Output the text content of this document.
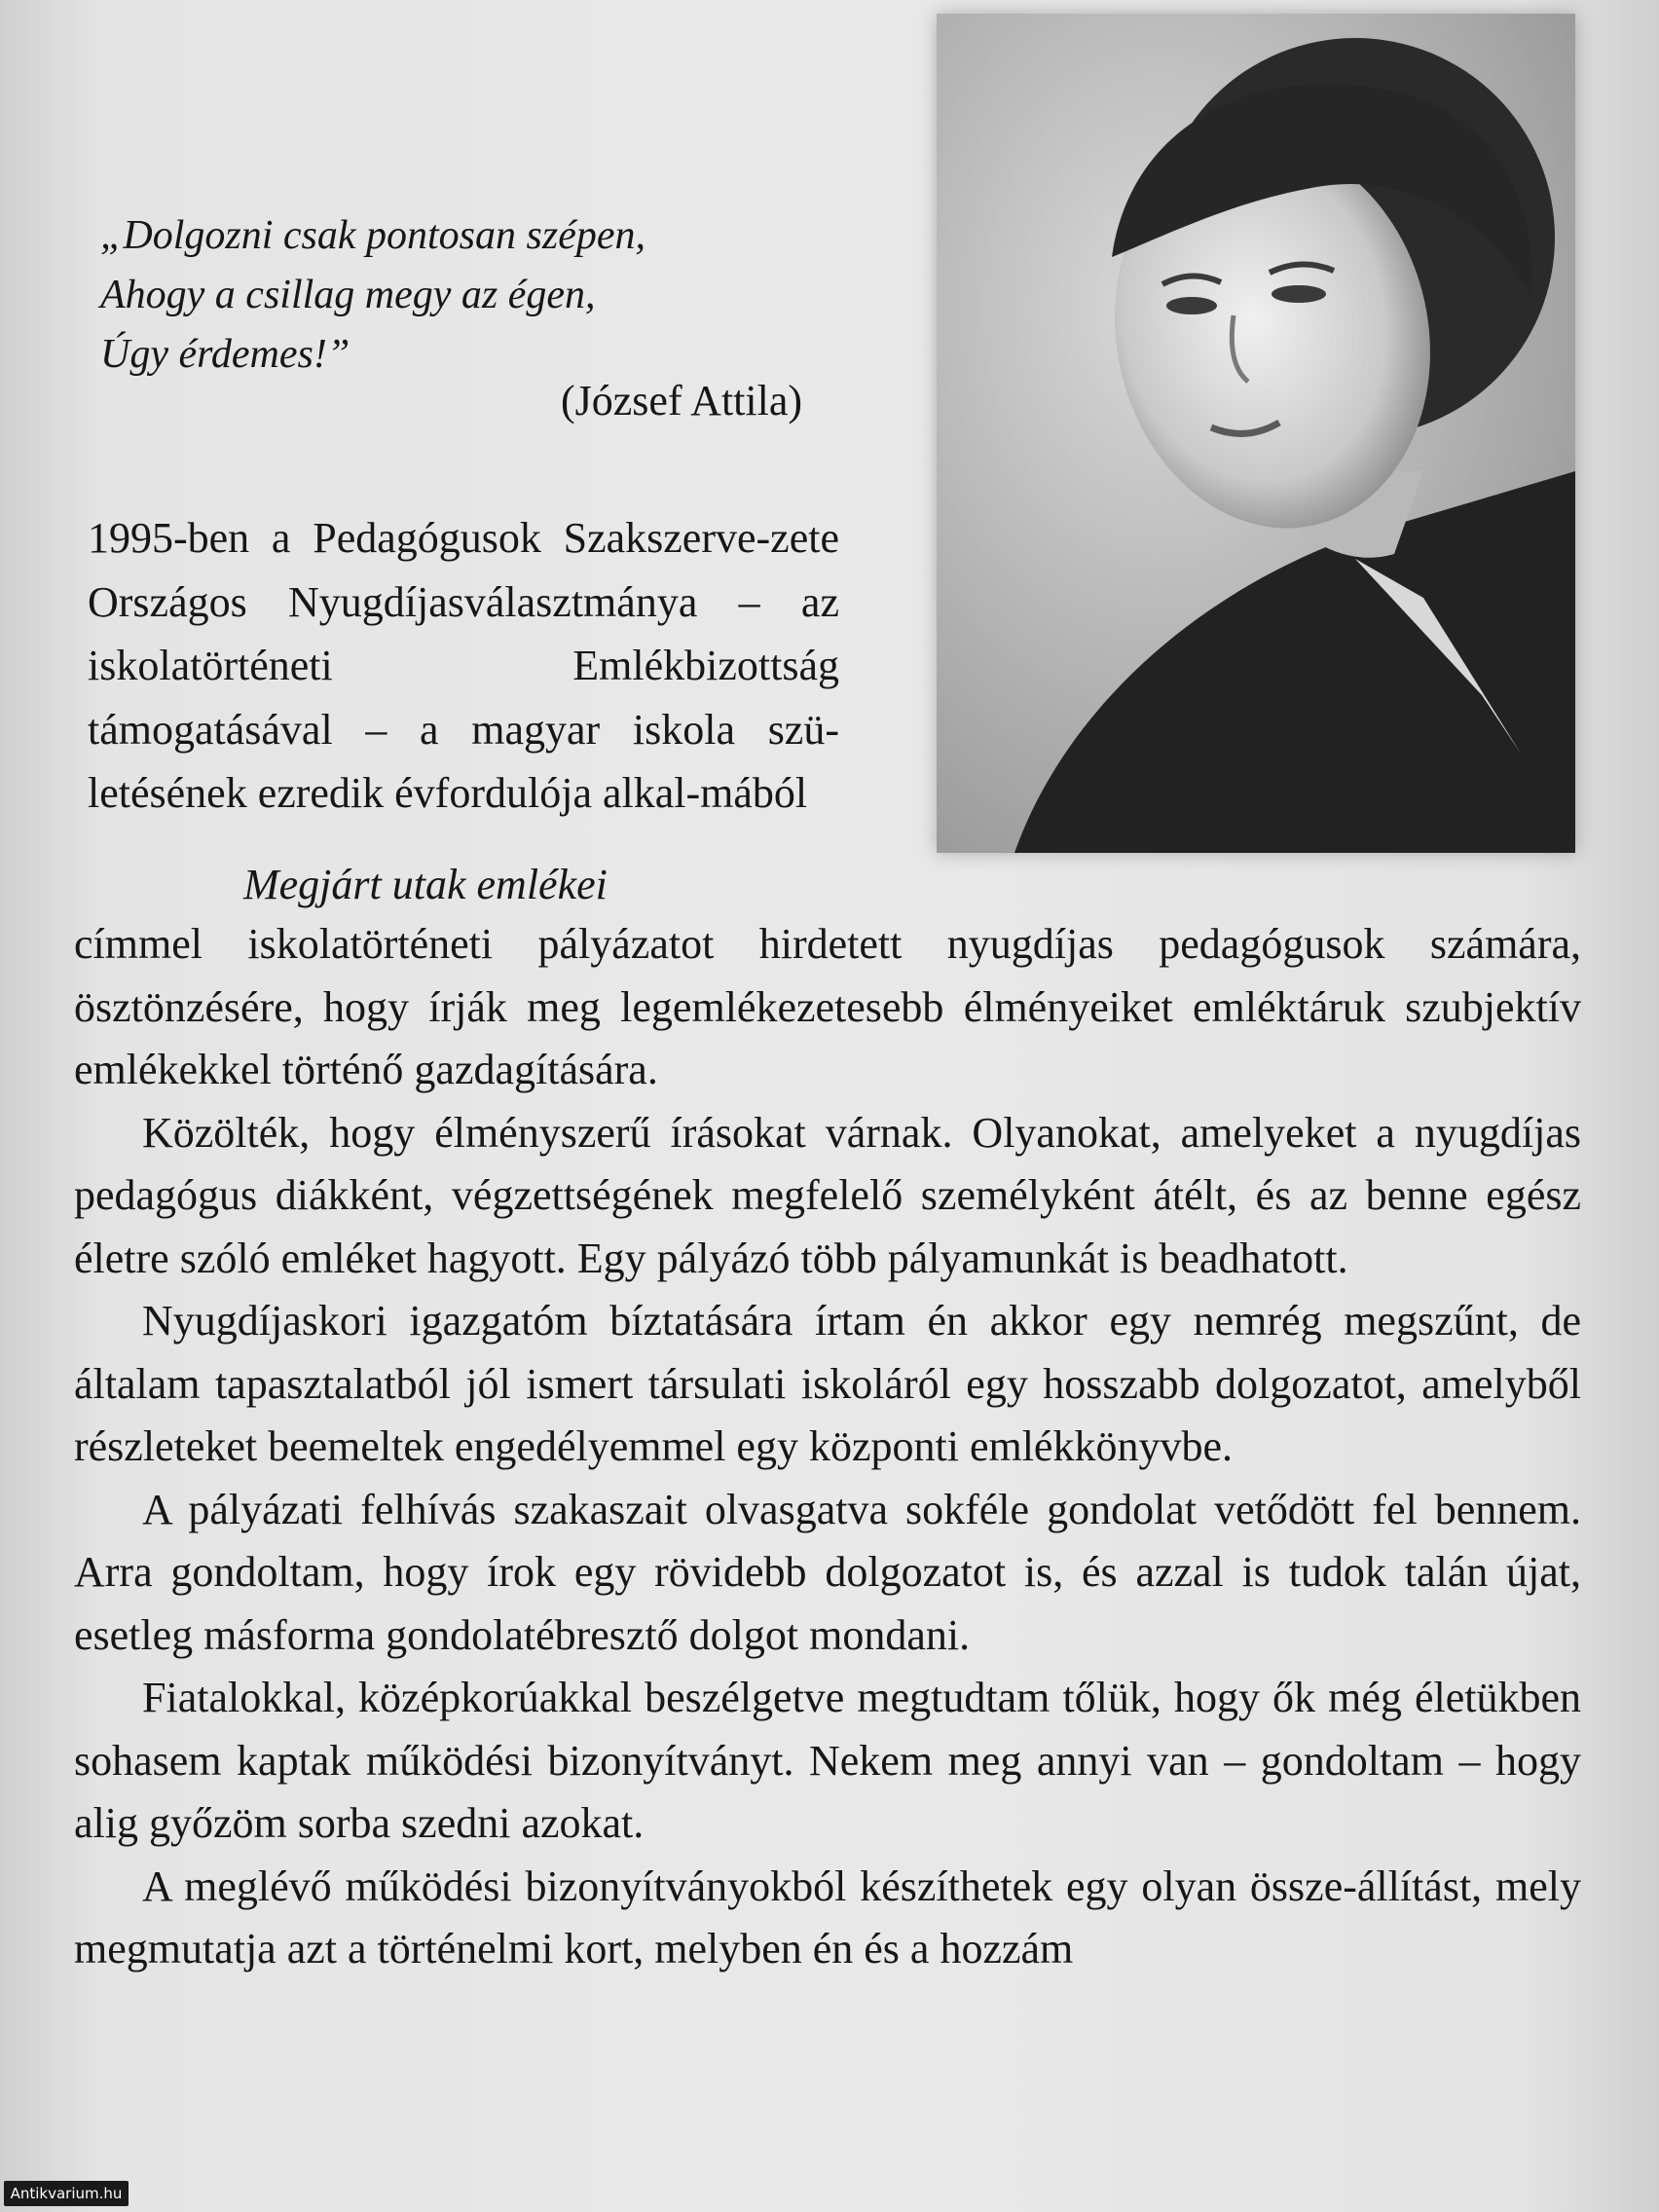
„Dolgozni csak pontosan szépen,
Ahogy a csillag megy az égen,
Úgy érdemes!”
(József Attila)
1995-ben a Pedagógusok Szakszerve-zete Országos Nyugdíjasválasztmánya – az iskolatörténeti Emlékbizottság támogatásával – a magyar iskola szü-letésének ezredik évfordulója alkal-mából
Megjárt utak emlékei

címmel iskolatörténeti pályázatot hirdetett nyugdíjas pedagógusok számára, ösztönzésére, hogy írják meg legemlékezetesebb élményeiket emléktáruk szubjektív emlékekkel történő gazdagítására.

Közölték, hogy élményszerű írásokat várnak. Olyanokat, amelyeket a nyugdíjas pedagógus diákként, végzettségének megfelelő személyként átélt, és az benne egész életre szóló emléket hagyott. Egy pályázó több pályamunkát is beadhatott.

Nyugdíjaskori igazgatóm bíztatására írtam én akkor egy nemrég megszűnt, de általam tapasztalatból jól ismert társulati iskoláról egy hosszabb dolgozatot, amelyből részleteket beemeltek engedélyemmel egy központi emlékkönyvbe.

A pályázati felhívás szakaszait olvasgatva sokféle gondolat vetődött fel bennem. Arra gondoltam, hogy írok egy rövidebb dolgozatot is, és azzal is tudok talán újat, esetleg másforma gondolatébresztő dolgot mondani.

Fiatalokkal, középkorúakkal beszélgetve megtudtam tőlük, hogy ők még életükben sohasem kaptak működési bizonyítványt. Nekem meg annyi van – gondoltam – hogy alig győzöm sorba szedni azokat.

A meglévő működési bizonyítványokból készíthetek egy olyan össze-állítást, mely megmutatja azt a történelmi kort, melyben én és a hozzám

Antikvarium.hu
